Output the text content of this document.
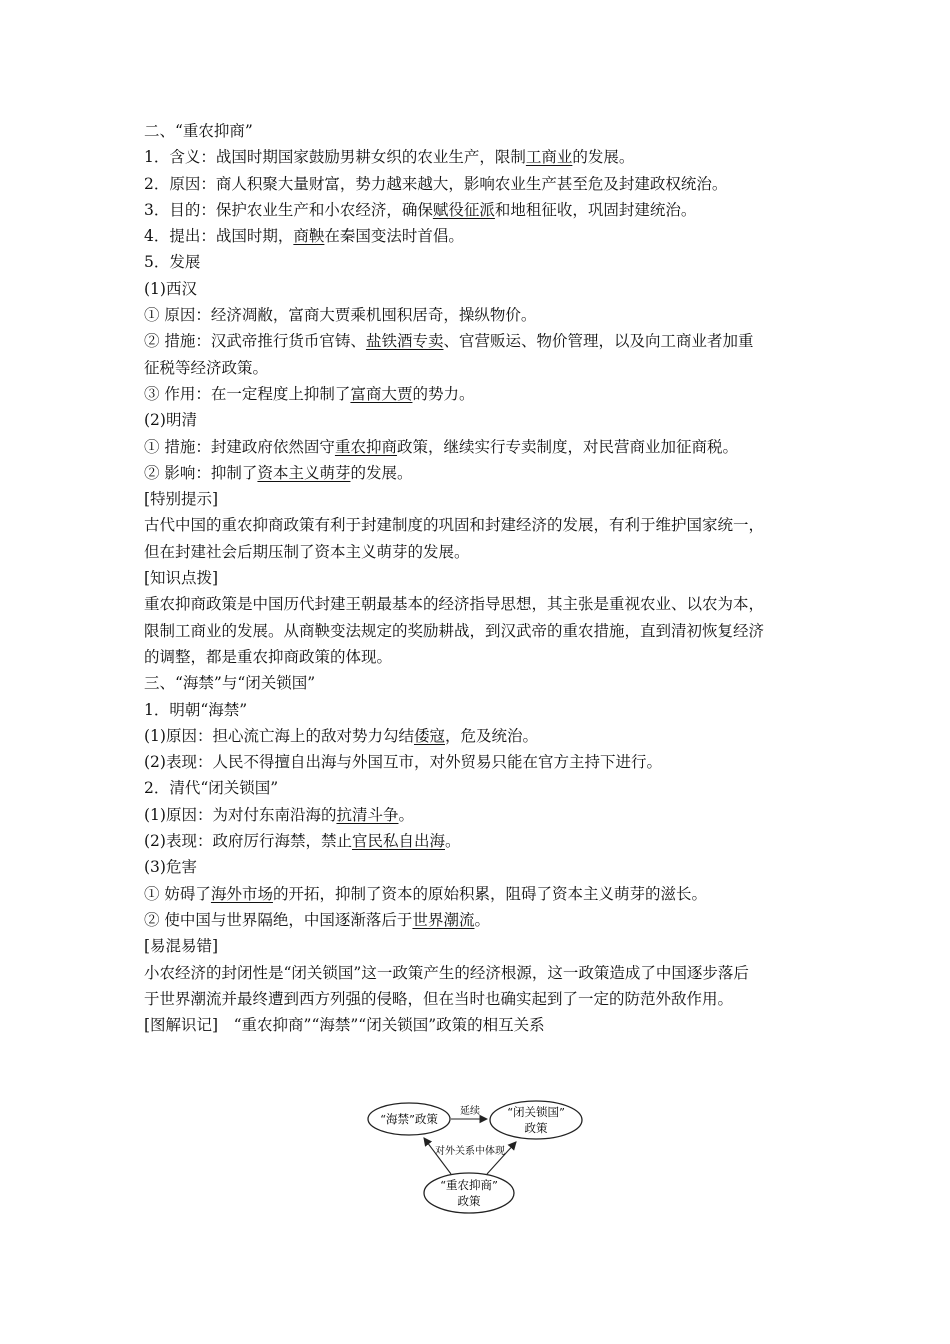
二、“重农抑商”
1．含义：战国时期国家鼓励男耕女织的农业生产，限制工商业的发展。
2．原因：商人积聚大量财富，势力越来越大，影响农业生产甚至危及封建政权统治。
3．目的：保护农业生产和小农经济，确保赋役征派和地租征收，巩固封建统治。
4．提出：战国时期，商鞅在秦国变法时首倡。
5．发展
(1)西汉
① 原因：经济凋敝，富商大贾乘机囤积居奇，操纵物价。
② 措施：汉武帝推行货币官铸、盐铁酒专卖、官营贩运、物价管理，以及向工商业者加重
征税等经济政策。
③ 作用：在一定程度上抑制了富商大贾的势力。
(2)明清
① 措施：封建政府依然固守重农抑商政策，继续实行专卖制度，对民营商业加征商税。
② 影响：抑制了资本主义萌芽的发展。
[特别提示]
古代中国的重农抑商政策有利于封建制度的巩固和封建经济的发展，有利于维护国家统一，
但在封建社会后期压制了资本主义萌芽的发展。
[知识点拨]
重农抑商政策是中国历代封建王朝最基本的经济指导思想，其主张是重视农业、以农为本，
限制工商业的发展。从商鞅变法规定的奖励耕战，到汉武帝的重农措施，直到清初恢复经济
的调整，都是重农抑商政策的体现。
三、“海禁”与“闭关锁国”
1．明朝“海禁”
(1)原因：担心流亡海上的敌对势力勾结倭寇，危及统治。
(2)表现：人民不得擅自出海与外国互市，对外贸易只能在官方主持下进行。
2．清代“闭关锁国”
(1)原因：为对付东南沿海的抗清斗争。
(2)表现：政府厉行海禁，禁止官民私自出海。
(3)危害
① 妨碍了海外市场的开拓，抑制了资本的原始积累，阻碍了资本主义萌芽的滋长。
② 使中国与世界隔绝，中国逐渐落后于世界潮流。
[易混易错]
小农经济的封闭性是“闭关锁国”这一政策产生的经济根源，这一政策造成了中国逐步落后
于世界潮流并最终遭到西方列强的侵略，但在当时也确实起到了一定的防范外敌作用。
[图解识记]　“重农抑商”“海禁”“闭关锁国”政策的相互关系
“海禁”政策	“闭关锁国”
政策
延续
“重农抑商”
政策
对外关系中体现
